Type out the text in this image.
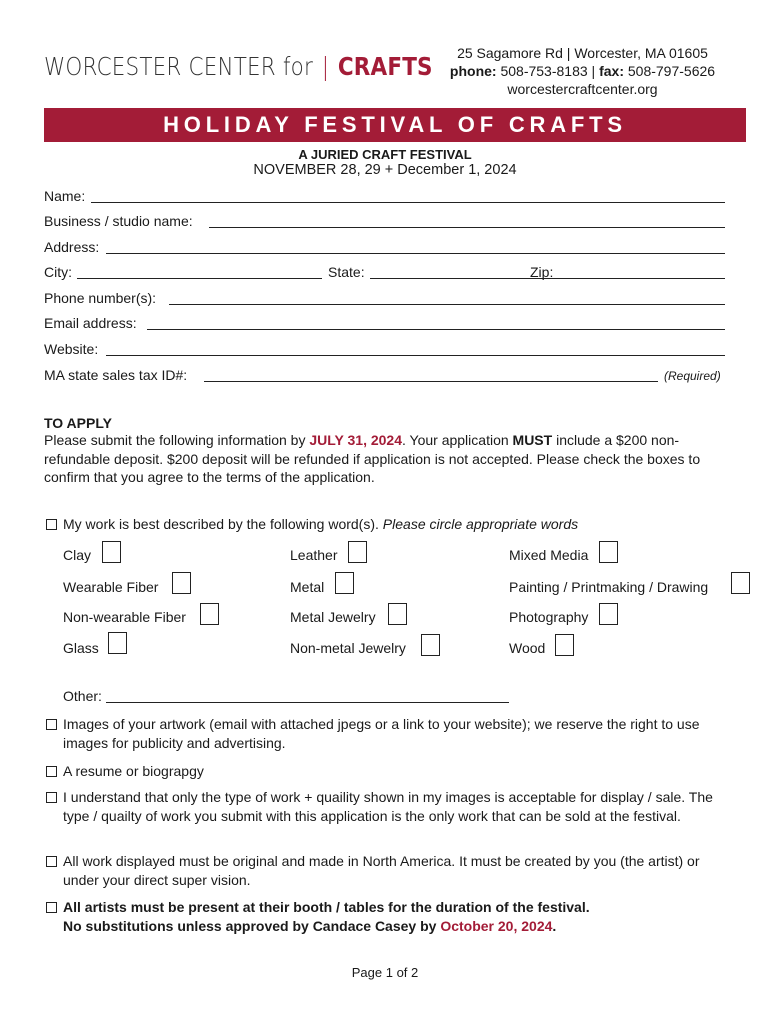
WORCESTER CENTER for | CRAFTS	25 Sagamore Rd | Worcester, MA 01605
phone: 508-753-8183 | fax: 508-797-5626
worcestercraftcenter.org
HOLIDAY FESTIVAL OF CRAFTS
A JURIED CRAFT FESTIVAL
NOVEMBER 28, 29 + December 1, 2024
Name:
Business / studio name:
Address:
City:	State:	Zip:
Phone number(s):
Email address:
Website:
MA state sales tax ID#:	(Required)
TO APPLY
Please submit the following information by JULY 31, 2024. Your application MUST include a $200 non-refundable deposit. $200 deposit will be refunded if application is not accepted. Please check the boxes to confirm that you agree to the terms of the application.
My work is best described by the following word(s). Please circle appropriate words
Clay	Leather	Mixed Media
Wearable Fiber	Metal	Painting / Printmaking / Drawing
Non-wearable Fiber	Metal Jewelry	Photography
Glass	Non-metal Jewelry	Wood
Other:
Images of your artwork (email with attached jpegs or a link to your website); we reserve the right to use images for publicity and advertising.
A resume or biograpgy
I understand that only the type of work + quaility shown in my images is acceptable for display / sale. The type / quailty of work you submit with this application is the only work that can be sold at the festival.
All work displayed must be original and made in North America. It must be created by you (the artist) or under your direct super vision.
All artists must be present at their booth / tables for the duration of the festival.
No substitutions unless approved by Candace Casey by October 20, 2024.
Page 1 of 2
